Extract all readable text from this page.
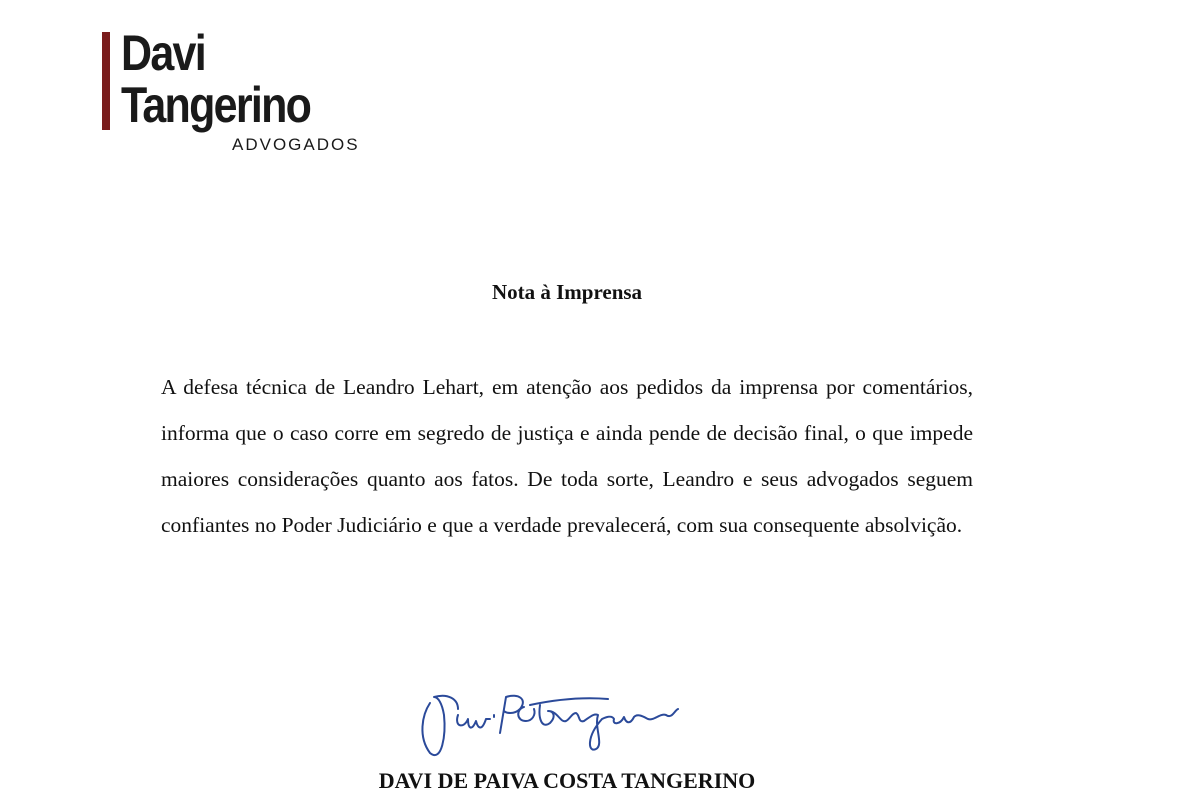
Davi
Tangerino
ADVOGADOS
Nota à Imprensa

A defesa técnica de Leandro Lehart, em atenção aos pedidos da imprensa por comentários, informa que o caso corre em segredo de justiça e ainda pende de decisão final, o que impede maiores considerações quanto aos fatos. De toda sorte, Leandro e seus advogados seguem confiantes no Poder Judiciário e que a verdade prevalecerá, com sua consequente absolvição.

DAVI DE PAIVA COSTA TANGERINO
